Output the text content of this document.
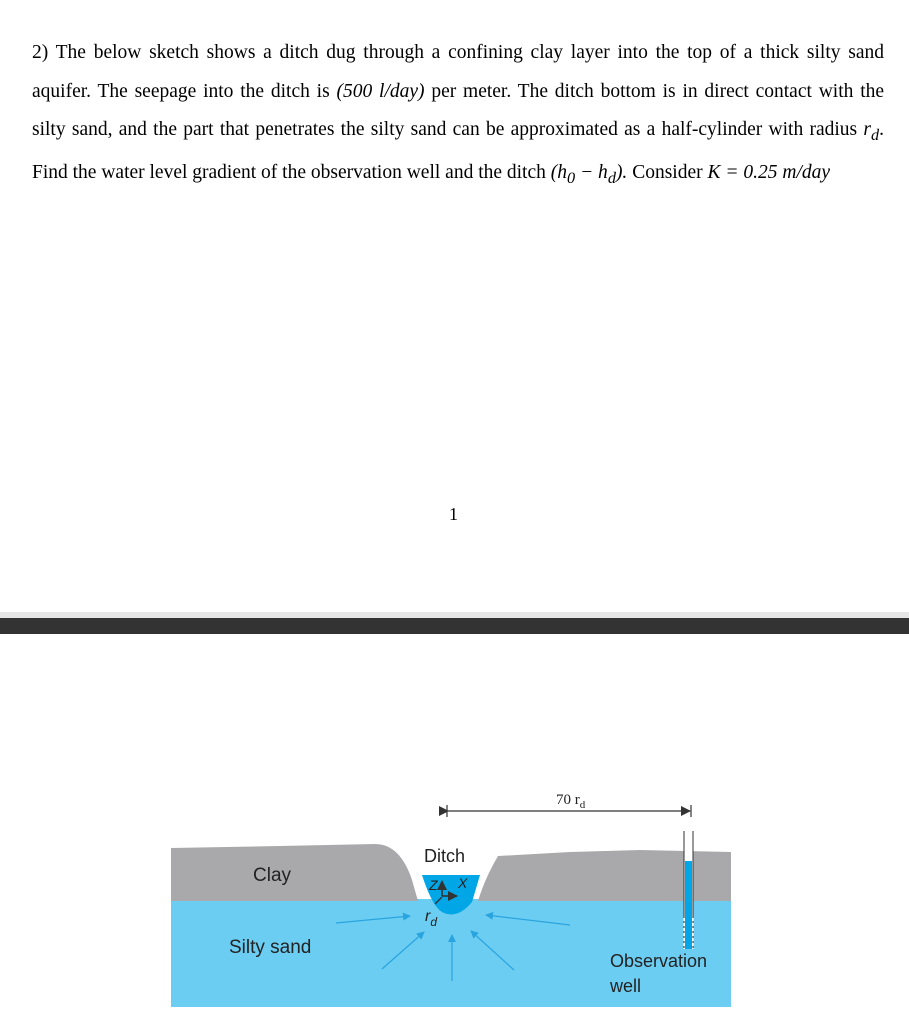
2) The below sketch shows a ditch dug through a confining clay layer into the top of a thick silty sand aquifer. The seepage into the ditch is (500 l/day) per meter. The ditch bottom is in direct contact with the silty sand, and the part that penetrates the silty sand can be approximated as a half-cylinder with radius $r_d$. Find the water level gradient of the observation well and the ditch $(h_0 - h_d)$. Consider K = 0.25 m/day

1
Z X
$r_d$
70 $r_d$
Ditch
Clay
Silty sand
Observation
well
